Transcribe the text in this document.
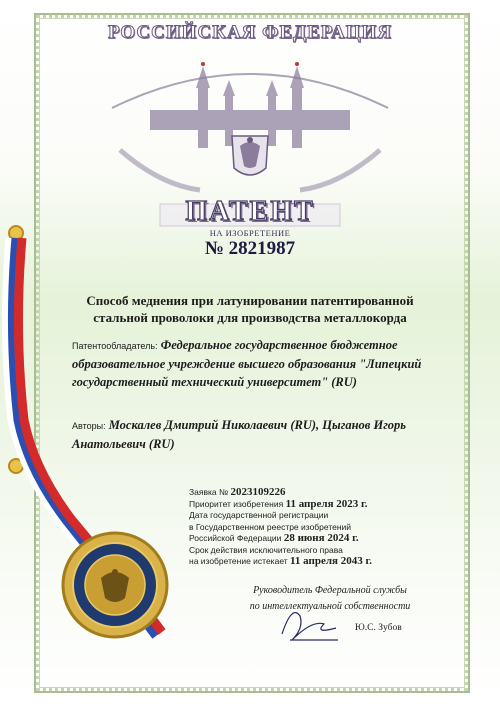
РОССИЙСКАЯ ФЕДЕРАЦИЯ
ПАТЕНТ
НА ИЗОБРЕТЕНИЕ
№ 2821987
Способ меднения при латунировании патентированной стальной проволоки для производства металлокорда
Патентообладатель: Федеральное государственное бюджетное образовательное учреждение высшего образования "Липецкий государственный технический университет" (RU)
Авторы: Москалев Дмитрий Николаевич (RU), Цыганов Игорь Анатольевич (RU)
Заявка № 2023109226
Приоритет изобретения 11 апреля 2023 г.
Дата государственной регистрации
в Государственном реестре изобретений
Российской Федерации 28 июня 2024 г.
Срок действия исключительного права
на изобретение истекает 11 апреля 2043 г.
Руководитель Федеральной службы
по интеллектуальной собственности
Ю.С. Зубов
